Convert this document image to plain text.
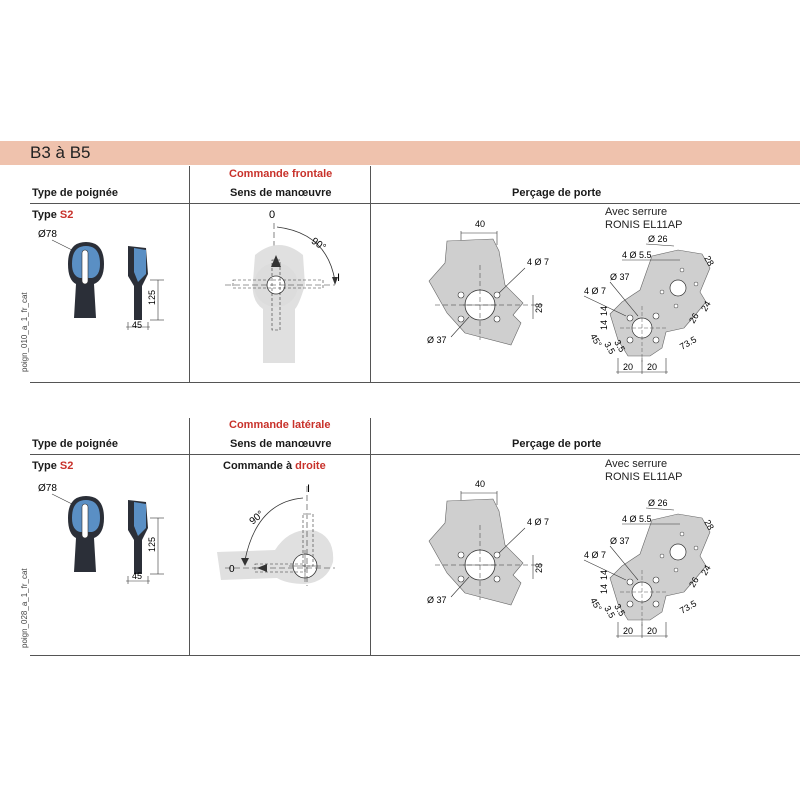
B3 à B5
Commande frontale
Type de poignée	Sens de manœuvre	Perçage de porte
Type S2
poign_010_a_1_fr_cat
Ø78
125
45
0
90°
I
40
4 Ø 7
28
Ø 37
Avec serrure
RONIS EL11AP
Ø 26
4 Ø 5.5
Ø 37
4 Ø 7
28
24
26
73.5
14
14
3.5
3.5
45°
20 20
Commande latérale
Type de poignée	Sens de manœuvre	Perçage de porte
Type S2	Commande à droite
poign_028_a_1_fr_cat
Ø78
125
45
90°
I
0
40
4 Ø 7
28
Ø 37
Avec serrure
RONIS EL11AP
Ø 26
4 Ø 5.5
Ø 37
4 Ø 7
28
24
26
73.5
14
14
3.5
3.5
45°
20 20
